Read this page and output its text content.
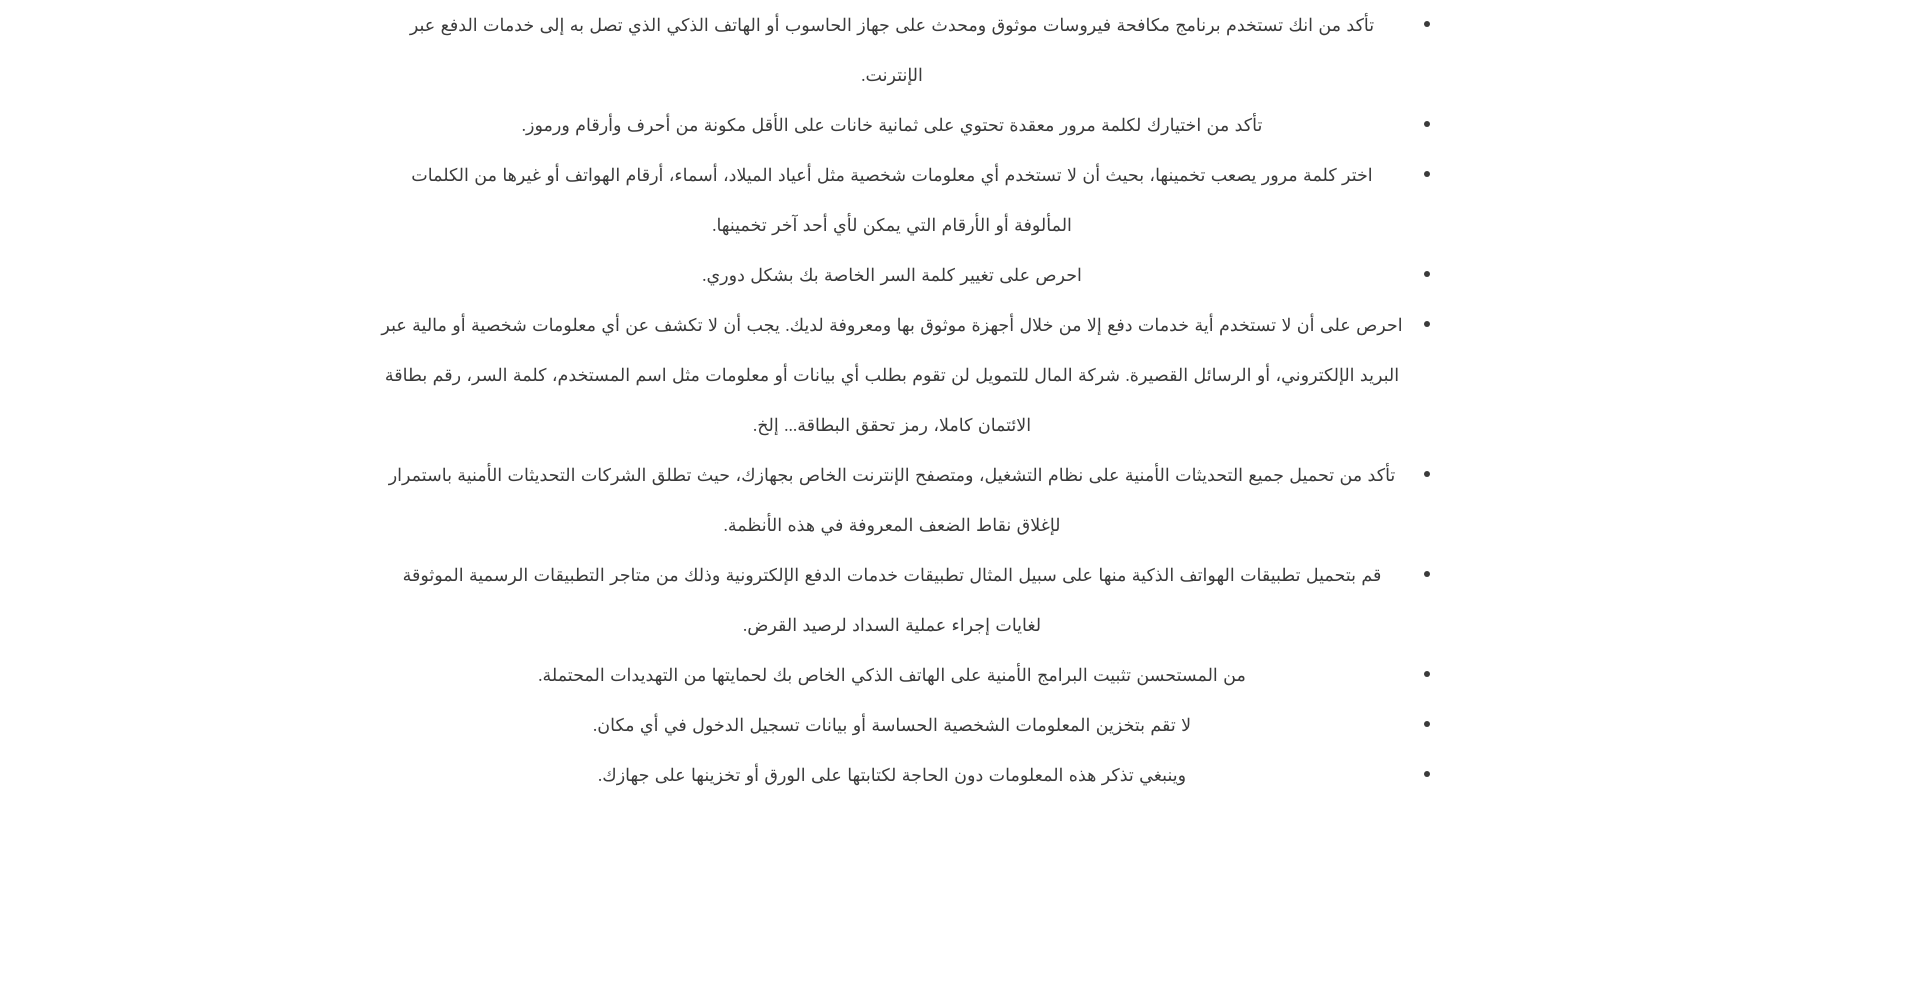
تأكد من انك تستخدم برنامج مكافحة فيروسات موثوق ومحدث على جهاز الحاسوب أو الهاتف الذكي الذي تصل به إلى خدمات الدفع عبر الإنترنت.
تأكد من اختيارك لكلمة مرور معقدة تحتوي على ثمانية خانات على الأقل مكونة من أحرف وأرقام ورموز.
اختر كلمة مرور يصعب تخمينها، بحيث أن لا تستخدم أي معلومات شخصية مثل أعياد الميلاد، أسماء، أرقام الهواتف أو غيرها من الكلمات المألوفة أو الأرقام التي يمكن لأي أحد آخر تخمينها.
احرص على تغيير كلمة السر الخاصة بك بشكل دوري.
احرص على أن لا تستخدم أية خدمات دفع إلا من خلال أجهزة موثوق بها ومعروفة لديك. يجب أن لا تكشف عن أي معلومات شخصية أو مالية عبر البريد الإلكتروني، أو الرسائل القصيرة. شركة المال للتمويل لن تقوم بطلب أي بيانات أو معلومات مثل اسم المستخدم، كلمة السر، رقم بطاقة الائتمان كاملا، رمز تحقق البطاقة... إلخ.
تأكد من تحميل جميع التحديثات الأمنية على نظام التشغيل، ومتصفح الإنترنت الخاص بجهازك، حيث تطلق الشركات التحديثات الأمنية باستمرار لإغلاق نقاط الضعف المعروفة في هذه الأنظمة.
قم بتحميل تطبيقات الهواتف الذكية منها على سبيل المثال تطبيقات خدمات الدفع الإلكترونية وذلك من متاجر التطبيقات الرسمية الموثوقة لغايات إجراء عملية السداد لرصيد القرض.
من المستحسن تثبيت البرامج الأمنية على الهاتف الذكي الخاص بك لحمايتها من التهديدات المحتملة.
لا تقم بتخزين المعلومات الشخصية الحساسة أو بيانات تسجيل الدخول في أي مكان.
وينبغي تذكر هذه المعلومات دون الحاجة لكتابتها على الورق أو تخزينها على جهازك.
